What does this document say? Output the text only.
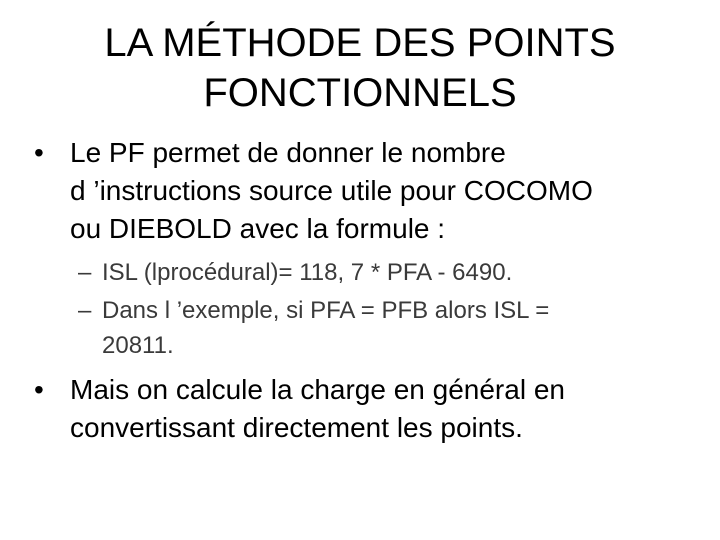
LA MÉTHODE DES POINTS
FONCTIONNELS
• Le PF permet de donner le nombre
d ’instructions source utile pour COCOMO
ou DIEBOLD avec la formule :
– ISL (lprocédural)= 118, 7 * PFA - 6490.
– Dans l ’exemple, si PFA = PFB alors ISL =
20811.
• Mais on calcule la charge en général en
convertissant directement les points.
